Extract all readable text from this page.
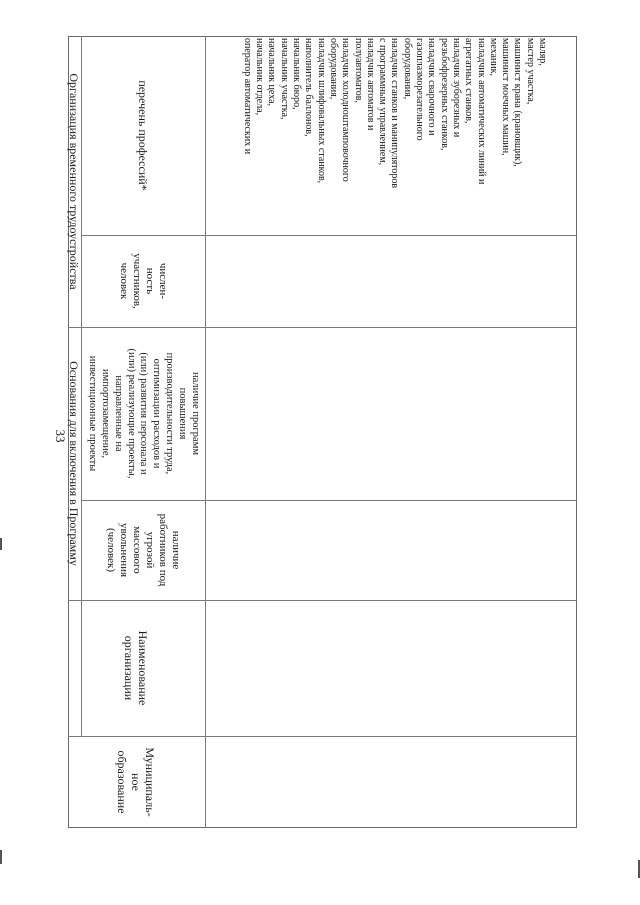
33 Основания для включения в Программу
Организация временного трудоустройства
Муниципаль-
ное
образование
Наименование
организации
наличие
работников под
угрозой
массового
увольнения
(человек)
наличие программ
повышения
производительности труда,
оптимизации расходов и
(или) развития персонала и
(или) реализующие проекты,
направленные на
импортозамещение,
инвестиционные проекты
числен-
ность
участников,
человек
перечень профессий*
маляр,
мастер участка,
машинист крана (крановщик),
машинист моечных машин,
механик,
наладчик автоматических линий и
агрегатных станков,
наладчик зуборезных и
резьбофрезерных станков,
наладчик сварочного и
газоплазморезательного
оборудования,
наладчик станков и манипуляторов
с программным управлением,
наладчик автоматов и
полуавтоматов,
наладчик холодноштамповочного
оборудования,
наладчик шлифовальных станков,
наполнитель баллонов,
начальник бюро,
начальник участка,
начальник цеха,
начальник отдела,
оператор автоматических и
